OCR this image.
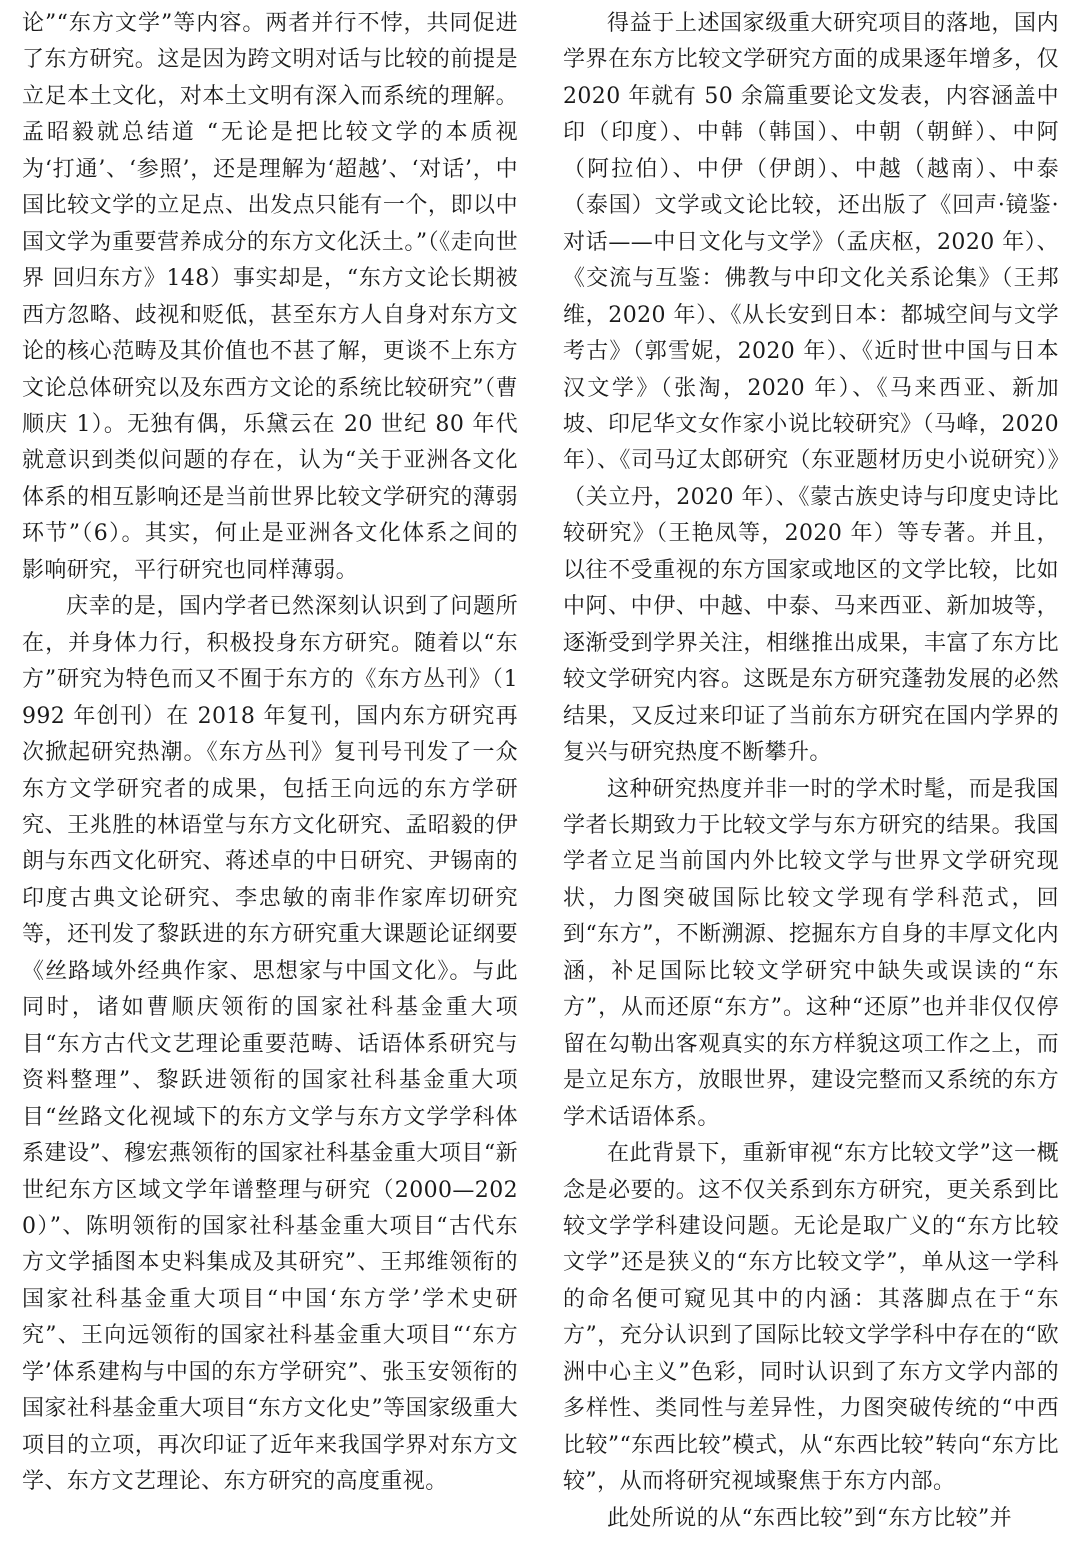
论”“东方文学”等内容。两者并行不悖，共同促进了东方研究。这是因为跨文明对话与比较的前提是立足本土文化，对本土文明有深入而系统的理解。孟昭毅就总结道 “无论是把比较文学的本质视为‘打通’、‘参照’，还是理解为‘超越’、‘对话’，中国比较文学的立足点、出发点只能有一个，即以中国文学为重要营养成分的东方文化沃土。”（《走向世界 回归东方》148）事实却是，“东方文论长期被西方忽略、歧视和贬低，甚至东方人自身对东方文论的核心范畴及其价值也不甚了解，更谈不上东方文论总体研究以及东西方文论的系统比较研究”（曹顺庆 1）。无独有偶，乐黛云在 20 世纪 80 年代就意识到类似问题的存在，认为“关于亚洲各文化体系的相互影响还是当前世界比较文学研究的薄弱环节”（6）。其实，何止是亚洲各文化体系之间的影响研究，平行研究也同样薄弱。

庆幸的是，国内学者已然深刻认识到了问题所在，并身体力行，积极投身东方研究。随着以“东方”研究为特色而又不囿于东方的《东方丛刊》（1992 年创刊）在 2018 年复刊，国内东方研究再次掀起研究热潮。《东方丛刊》复刊号刊发了一众东方文学研究者的成果，包括王向远的东方学研究、王兆胜的林语堂与东方文化研究、孟昭毅的伊朗与东西文化研究、蒋述卓的中日研究、尹锡南的印度古典文论研究、李忠敏的南非作家库切研究等，还刊发了黎跃进的东方研究重大课题论证纲要《丝路域外经典作家、思想家与中国文化》。与此同时，诸如曹顺庆领衔的国家社科基金重大项目“东方古代文艺理论重要范畴、话语体系研究与资料整理”、黎跃进领衔的国家社科基金重大项目“丝路文化视域下的东方文学与东方文学学科体系建设”、穆宏燕领衔的国家社科基金重大项目“新世纪东方区域文学年谱整理与研究（2000—2020）”、陈明领衔的国家社科基金重大项目“古代东方文学插图本史料集成及其研究”、王邦维领衔的国家社科基金重大项目“中国‘东方学’学术史研究”、王向远领衔的国家社科基金重大项目“‘东方学’体系建构与中国的东方学研究”、张玉安领衔的国家社科基金重大项目“东方文化史”等国家级重大项目的立项，再次印证了近年来我国学界对东方文学、东方文艺理论、东方研究的高度重视。

得益于上述国家级重大研究项目的落地，国内学界在东方比较文学研究方面的成果逐年增多，仅 2020 年就有 50 余篇重要论文发表，内容涵盖中印（印度）、中韩（韩国）、中朝（朝鲜）、中阿（阿拉伯）、中伊（伊朗）、中越（越南）、中泰（泰国）文学或文论比较，还出版了《回声·镜鉴·对话——中日文化与文学》（孟庆枢，2020 年）、《交流与互鉴：佛教与中印文化关系论集》（王邦维，2020 年）、《从长安到日本：都城空间与文学考古》（郭雪妮，2020 年）、《近时世中国与日本汉文学》（张淘，2020 年）、《马来西亚、新加坡、印尼华文女作家小说比较研究》（马峰，2020 年）、《司马辽太郎研究（东亚题材历史小说研究）》（关立丹，2020 年）、《蒙古族史诗与印度史诗比较研究》（王艳凤等，2020 年）等专著。并且，以往不受重视的东方国家或地区的文学比较，比如中阿、中伊、中越、中泰、马来西亚、新加坡等，逐渐受到学界关注，相继推出成果，丰富了东方比较文学研究内容。这既是东方研究蓬勃发展的必然结果，又反过来印证了当前东方研究在国内学界的复兴与研究热度不断攀升。

这种研究热度并非一时的学术时髦，而是我国学者长期致力于比较文学与东方研究的结果。我国学者立足当前国内外比较文学与世界文学研究现状，力图突破国际比较文学现有学科范式，回到“东方”，不断溯源、挖掘东方自身的丰厚文化内涵，补足国际比较文学研究中缺失或误读的“东方”，从而还原“东方”。这种“还原”也并非仅仅停留在勾勒出客观真实的东方样貌这项工作之上，而是立足东方，放眼世界，建设完整而又系统的东方学术话语体系。

在此背景下，重新审视“东方比较文学”这一概念是必要的。这不仅关系到东方研究，更关系到比较文学学科建设问题。无论是取广义的“东方比较文学”还是狭义的“东方比较文学”，单从这一学科的命名便可窥见其中的内涵：其落脚点在于“东方”，充分认识到了国际比较文学学科中存在的“欧洲中心主义”色彩，同时认识到了东方文学内部的多样性、类同性与差异性，力图突破传统的“中西比较”“东西比较”模式，从“东西比较”转向“东方比较”，从而将研究视域聚焦于东方内部。

此处所说的从“东西比较”到“东方比较”并
